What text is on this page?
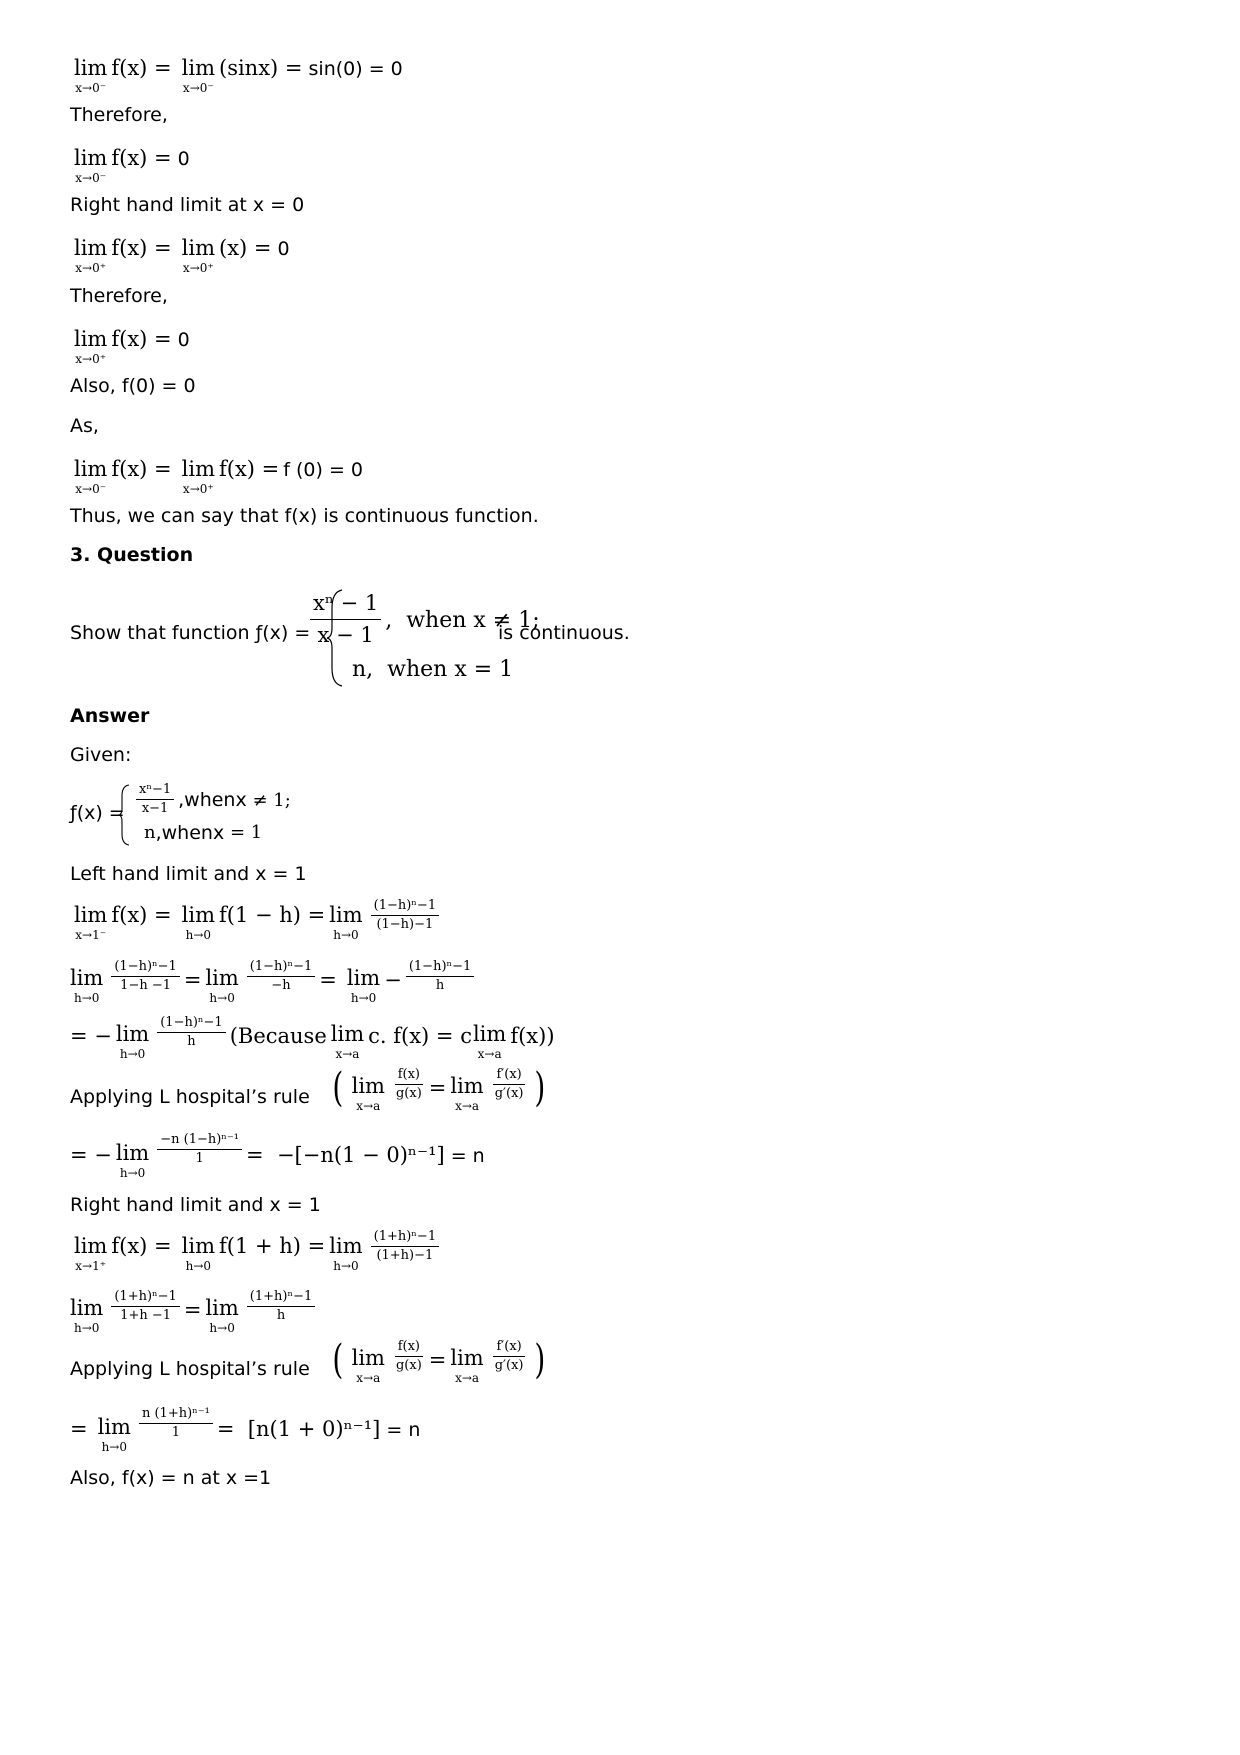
lim
x→0⁻
f(x) = lim
x→0⁻
(sinx) = sin(0) = 0
Therefore,
lim
x→0⁻
f(x) = 0
Right hand limit at x = 0
lim
x→0⁺
f(x) = lim
x→0⁺
(x) = 0
Therefore,
lim
x→0⁺
f(x) = 0
Also, f(0) = 0
As,
lim
x→0⁻
f(x) = lim
x→0⁺
f(x) = f (0) = 0
Thus, we can say that f(x) is continuous function.
3. Question
Show that function ƒ(x) =
xⁿ − 1
x − 1
,  when x ≠ 1;
n,  when x = 1
is continuous.
Answer
Given:
ƒ(x) =
xⁿ−1
x−1 ,whenx ≠ 1;
n ,whenx
= 1
Left hand limit and x = 1
lim
x→1⁻
f(x) = lim
h→0
f(1 − h) = lim
h→0
(1−h)ⁿ−1
(1−h)−1
lim
h→0
$\frac{\text{(1−h)ⁿ−1}}{1-h -1} = \lim$
h→0
$\frac{\text{(1−h)ⁿ−1}}{-h} = \lim$
h→0
− $\frac{\text{(1−h)ⁿ−1}}{h}$
= − lim
h→0
(1−h)ⁿ−1
h (Because lim
x→a
c. f(x) = c lim
x→a
f(x))
Applying L hospital’s rule ( lim
x→a
$\frac{f(x)}{g(x)} = \lim$
x→a
f′(x)
g′(x) )
= − lim
h→0
$\frac{\text{−n (1−h)ⁿ⁻¹}}{1} = -[-n(1 - 0)^{n-1}] = n$
Right hand limit and x = 1
lim
x→1⁺
f(x) = lim
h→0
f(1 + h) = lim
h→0
(1+h)ⁿ−1
(1+h)−1
lim
h→0
$\frac{\text{(1+h)ⁿ−1}}{1+h -1} = \lim$
h→0
(1+h)ⁿ−1
h
Applying L hospital’s rule ( lim
x→a
$\frac{f(x)}{g(x)} = \lim$
x→a
f′(x)
g′(x) )
= lim
h→0
$\frac{\text{n (1+h)ⁿ⁻¹}}{1} = [n(1 + 0)^{n-1}] = n$
Also, f(x) = n at x =1
